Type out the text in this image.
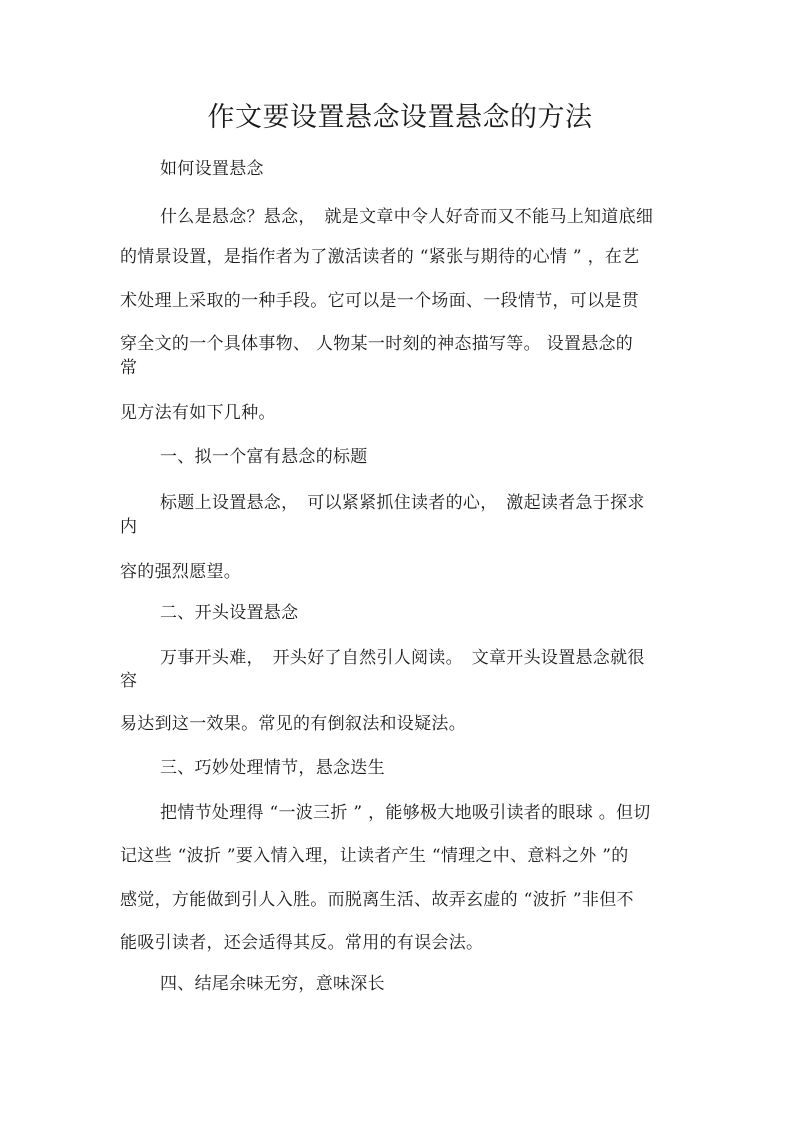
作文要设置悬念设置悬念的方法
如何设置悬念
什么是悬念？悬念，　就是文章中令人好奇而又不能马上知道底细
的情景设置，是指作者为了激活读者的 “紧张与期待的心情 ” ，在艺
术处理上采取的一种手段。它可以是一个场面、一段情节，可以是贯
穿全文的一个具体事物、 人物某一时刻的神态描写等。 设置悬念的
常
见方法有如下几种。
一、拟一个富有悬念的标题
标题上设置悬念，　可以紧紧抓住读者的心，　激起读者急于探求
内
容的强烈愿望。
二、开头设置悬念
万事开头难，　开头好了自然引人阅读。　文章开头设置悬念就很
容
易达到这一效果。常见的有倒叙法和设疑法。
三、巧妙处理情节，悬念迭生
把情节处理得 “一波三折 ” ，能够极大地吸引读者的眼球 。但切
记这些 “波折 ”要入情入理，让读者产生 “情理之中、意料之外 ”的
感觉，方能做到引人入胜。而脱离生活、故弄玄虚的 “波折 ”非但不
能吸引读者，还会适得其反。常用的有误会法。
四、结尾余味无穷，意味深长
